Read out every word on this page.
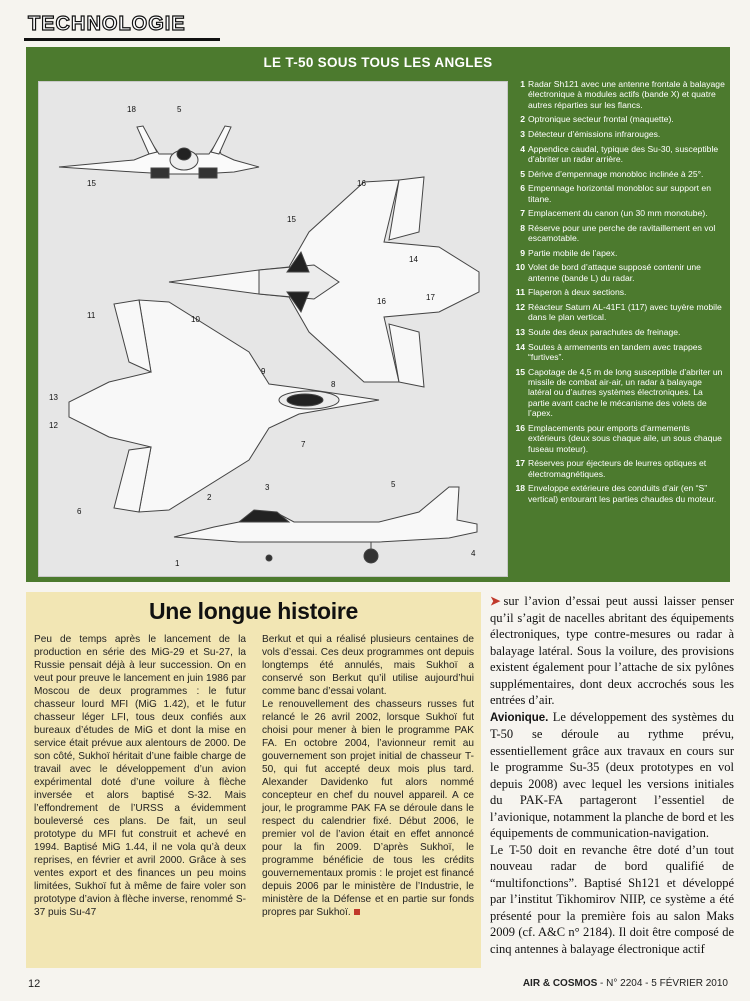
TECHNOLOGIE
LE T-50 SOUS TOUS LES ANGLES
18	5
15	16
15
14
16	17
11	10
9
8
13
12
7
6
2
3	5
1
4
1 Radar Sh121 avec une antenne frontale à balayage électronique à modules actifs (bande X) et quatre autres réparties sur les flancs.
2 Optronique secteur frontal (maquette).
3 Détecteur d’émissions infrarouges.
4 Appendice caudal, typique des Su-30, susceptible d’abriter un radar arrière.
5 Dérive d’empennage monobloc inclinée à 25°.
6 Empennage horizontal monobloc sur support en titane.
7 Emplacement du canon (un 30 mm monotube).
8 Réserve pour une perche de ravitaillement en vol escamotable.
9 Partie mobile de l’apex.
10 Volet de bord d’attaque supposé contenir une antenne (bande L) du radar.
11 Flaperon à deux sections.
12 Réacteur Saturn AL-41F1 (117) avec tuyère mobile dans le plan vertical.
13 Soute des deux parachutes de freinage.
14 Soutes à armements en tandem avec trappes “furtives”.
15 Capotage de 4,5 m de long susceptible d’abriter un missile de combat air-air, un radar à balayage latéral ou d’autres systèmes électroniques. La partie avant cache le mécanisme des volets de l’apex.
16 Emplacements pour emports d’armements extérieurs (deux sous chaque aile, un sous chaque fuseau moteur).
17 Réserves pour éjecteurs de leurres optiques et électromagnétiques.
18 Enveloppe extérieure des conduits d’air (en “S” vertical) entourant les parties chaudes du moteur.
Une longue histoire

Peu de temps après le lancement de la production en série des MiG-29 et Su-27, la Russie pensait déjà à leur succession. On en veut pour preuve le lancement en juin 1986 par Moscou de deux programmes : le futur chasseur lourd MFI (MiG 1.42), et le futur chasseur léger LFI, tous deux confiés aux bureaux d’études de MiG et dont la mise en service était prévue aux alentours de 2000. De son côté, Sukhoï héritait d’une faible charge de travail avec le développement d’un avion expérimental doté d’une voilure à flèche inversée et alors baptisé S-32. Mais l’effondrement de l’URSS a évidemment bouleversé ces plans. De fait, un seul prototype du MFI fut construit et achevé en 1994. Baptisé MiG 1.44, il ne vola qu’à deux reprises, en février et avril 2000. Grâce à ses ventes export et des finances un peu moins limitées, Sukhoï fut à même de faire voler son prototype d’avion à flèche inverse, renommé S-37 puis Su-47

Berkut et qui a réalisé plusieurs centaines de vols d’essai. Ces deux programmes ont depuis longtemps été annulés, mais Sukhoï a conservé son Berkut qu’il utilise aujourd’hui comme banc d’essai volant.

Le renouvellement des chasseurs russes fut relancé le 26 avril 2002, lorsque Sukhoï fut choisi pour mener à bien le programme PAK FA. En octobre 2004, l’avionneur remit au gouvernement son projet initial de chasseur T-50, qui fut accepté deux mois plus tard. Alexander Davidenko fut alors nommé concepteur en chef du nouvel appareil. A ce jour, le programme PAK FA se déroule dans le respect du calendrier fixé. Début 2006, le premier vol de l’avion était en effet annoncé pour la fin 2009. D’après Sukhoï, le programme bénéficie de tous les crédits gouvernementaux promis : le projet est financé depuis 2006 par le ministère de l’Industrie, le ministère de la Défense et en partie sur fonds propres par Sukhoï.

➤ sur l’avion d’essai peut aussi laisser penser qu’il s’agit de nacelles abritant des équipements électroniques, type contre-mesures ou radar à balayage latéral. Sous la voilure, des provisions existent également pour l’attache de six pylônes supplémentaires, dont deux accrochés sous les entrées d’air.

Avionique. Le développement des systèmes du T-50 se déroule au rythme prévu, essentiellement grâce aux travaux en cours sur le programme Su-35 (deux prototypes en vol depuis 2008) avec lequel les versions initiales du PAK-FA partageront l’essentiel de l’avionique, notamment la planche de bord et les équipements de communication-navigation.

Le T-50 doit en revanche être doté d’un tout nouveau radar de bord qualifié de “multifonctions”. Baptisé Sh121 et développé par l’institut Tikhomirov NIIP, ce système a été présenté pour la première fois au salon Maks 2009 (cf. A&C n° 2184). Il doit être composé de cinq antennes à balayage électronique actif

12	AIR & COSMOS - N° 2204 - 5 FÉVRIER 2010
